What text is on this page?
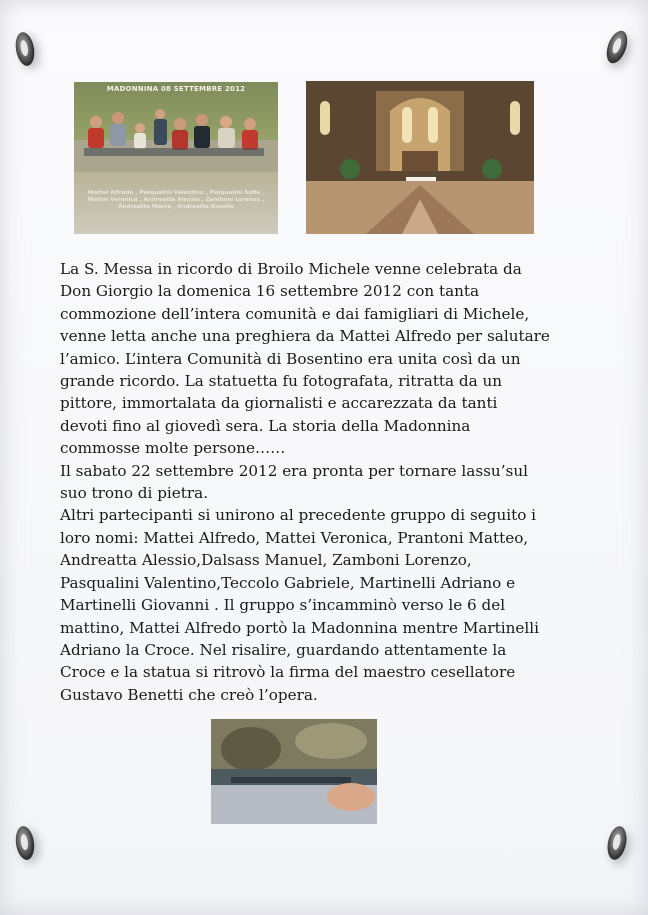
MADONNINA 08 SETTEMBRE 2012
Mattei Alfredo , Pasqualini Valentino , Pasqualini Sofia ,
Mattei Veronica , Andreatta Alessio , Zamboni Lorenzo ,
Andreatta Marco , Andreatta Rosella

La S. Messa in ricordo di Broilo Michele venne celebrata da

Don Giorgio la domenica 16 settembre 2012 con tanta

commozione dell’intera comunità e dai famigliari di Michele,

venne letta anche una preghiera da Mattei Alfredo per salutare

l’amico. L’intera Comunità di Bosentino era unita così da un

grande ricordo. La statuetta fu fotografata, ritratta da un

pittore, immortalata da giornalisti e accarezzata da tanti

devoti fino al giovedì sera. La storia della Madonnina

commosse molte persone……

Il sabato 22 settembre 2012 era pronta per tornare lassu’sul

suo trono di pietra.

Altri partecipanti si unirono al precedente gruppo di seguito i

loro nomi: Mattei Alfredo, Mattei Veronica, Prantoni Matteo,

Andreatta Alessio,Dalsass Manuel, Zamboni Lorenzo,

Pasqualini Valentino,Teccolo Gabriele, Martinelli Adriano e

Martinelli Giovanni . Il gruppo s’incamminò verso le 6 del

mattino, Mattei Alfredo portò la Madonnina mentre Martinelli

Adriano la Croce. Nel risalire, guardando attentamente la

Croce e la statua si ritrovò la firma del maestro cesellatore

Gustavo Benetti che creò l’opera.
